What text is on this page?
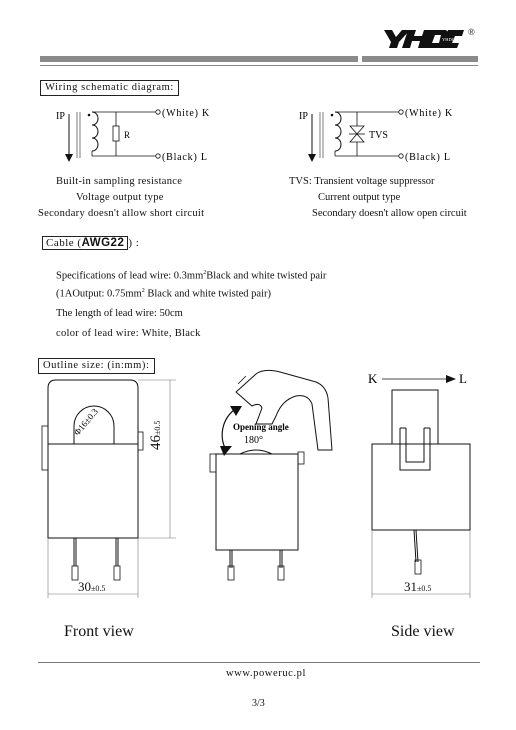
YHDC
®
Wiring schematic diagram:
IP
R
(White) K
(Black) L
IP
TVS
(White) K
(Black) L
Built-in sampling resistance
Voltage output type
Secondary doesn't allow short circuit
TVS: Transient voltage suppressor
Current output type
Secondary doesn't allow open circuit
Cable (AWG22 ) :
Specifications of lead wire: $0.3mm^2Black$ and white twisted pair
(1AOutput: $0.75mm^2$ Black and white twisted pair)
The length of lead wire: 50cm
color of lead wire: White, Black
Outline size: (in:mm):
Φ16±0.3
46±0.5
30±0.5
Opening angle
180°
K	L
31±0.5
Front view	Side view
www.poweruc.pl
3/3
